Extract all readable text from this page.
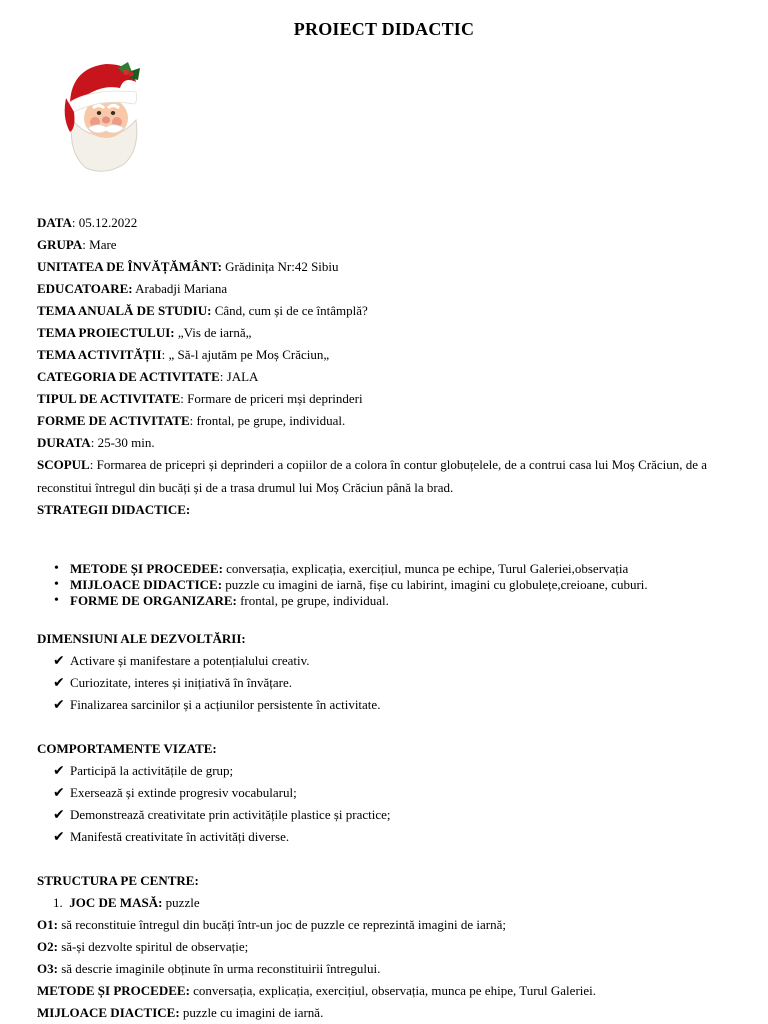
PROIECT DIDACTIC
DATA: 05.12.2022
GRUPA: Mare
UNITATEA DE ÎNVĂȚĂMÂNT: Grădinița Nr:42 Sibiu
EDUCATOARE: Arabadji Mariana
TEMA ANUALĂ DE STUDIU: Când, cum și de ce întâmplă?
TEMA PROIECTULUI: „Vis de iarnă„
TEMA ACTIVITĂȚII: „ Să-l ajutăm pe Moș Crăciun„
CATEGORIA DE ACTIVITATE: JALA
TIPUL DE ACTIVITATE: Formare de priceri mși deprinderi
FORME DE ACTIVITATE: frontal, pe grupe, individual.
DURATA: 25-30 min.
SCOPUL: Formarea de pricepri și deprinderi a copiilor de a colora în contur globuțelele, de a contrui casa lui Moș Crăciun, de a reconstitui întregul din bucăți și de a trasa drumul lui Moș Crăciun până la brad.
STRATEGII DIDACTICE:
• METODE ȘI PROCEDEE: conversația, explicația, exercițiul, munca pe echipe, Turul Galeriei,observația
• MIJLOACE DIDACTICE: puzzle cu imagini de iarnă, fișe cu labirint, imagini cu globulețe,creioane, cuburi.
• FORME DE ORGANIZARE: frontal, pe grupe, individual.
DIMENSIUNI ALE DEZVOLTĂRII:
✔ Activare și manifestare a potențialului creativ.
✔ Curiozitate, interes și inițiativă în învățare.
✔ Finalizarea sarcinilor și a acțiunilor persistente în activitate.
COMPORTAMENTE VIZATE:
✔ Participă la activitățile de grup;
✔ Exersează și extinde progresiv vocabularul;
✔ Demonstrează creativitate prin activitățile plastice și practice;
✔ Manifestă creativitate în activități diverse.
STRUCTURA PE CENTRE:
1. JOC DE MASĂ: puzzle
O1: să reconstituie întregul din bucăți într-un joc de puzzle ce reprezintă imagini de iarnă;
O2: să-și dezvolte spiritul de observație;
O3: să descrie imaginile obținute în urma reconstituirii întregului.
METODE ȘI PROCEDEE: conversația, explicația, exercițiul, observația, munca pe ehipe, Turul Galeriei.
MIJLOACE DIACTICE: puzzle cu imagini de iarnă.
